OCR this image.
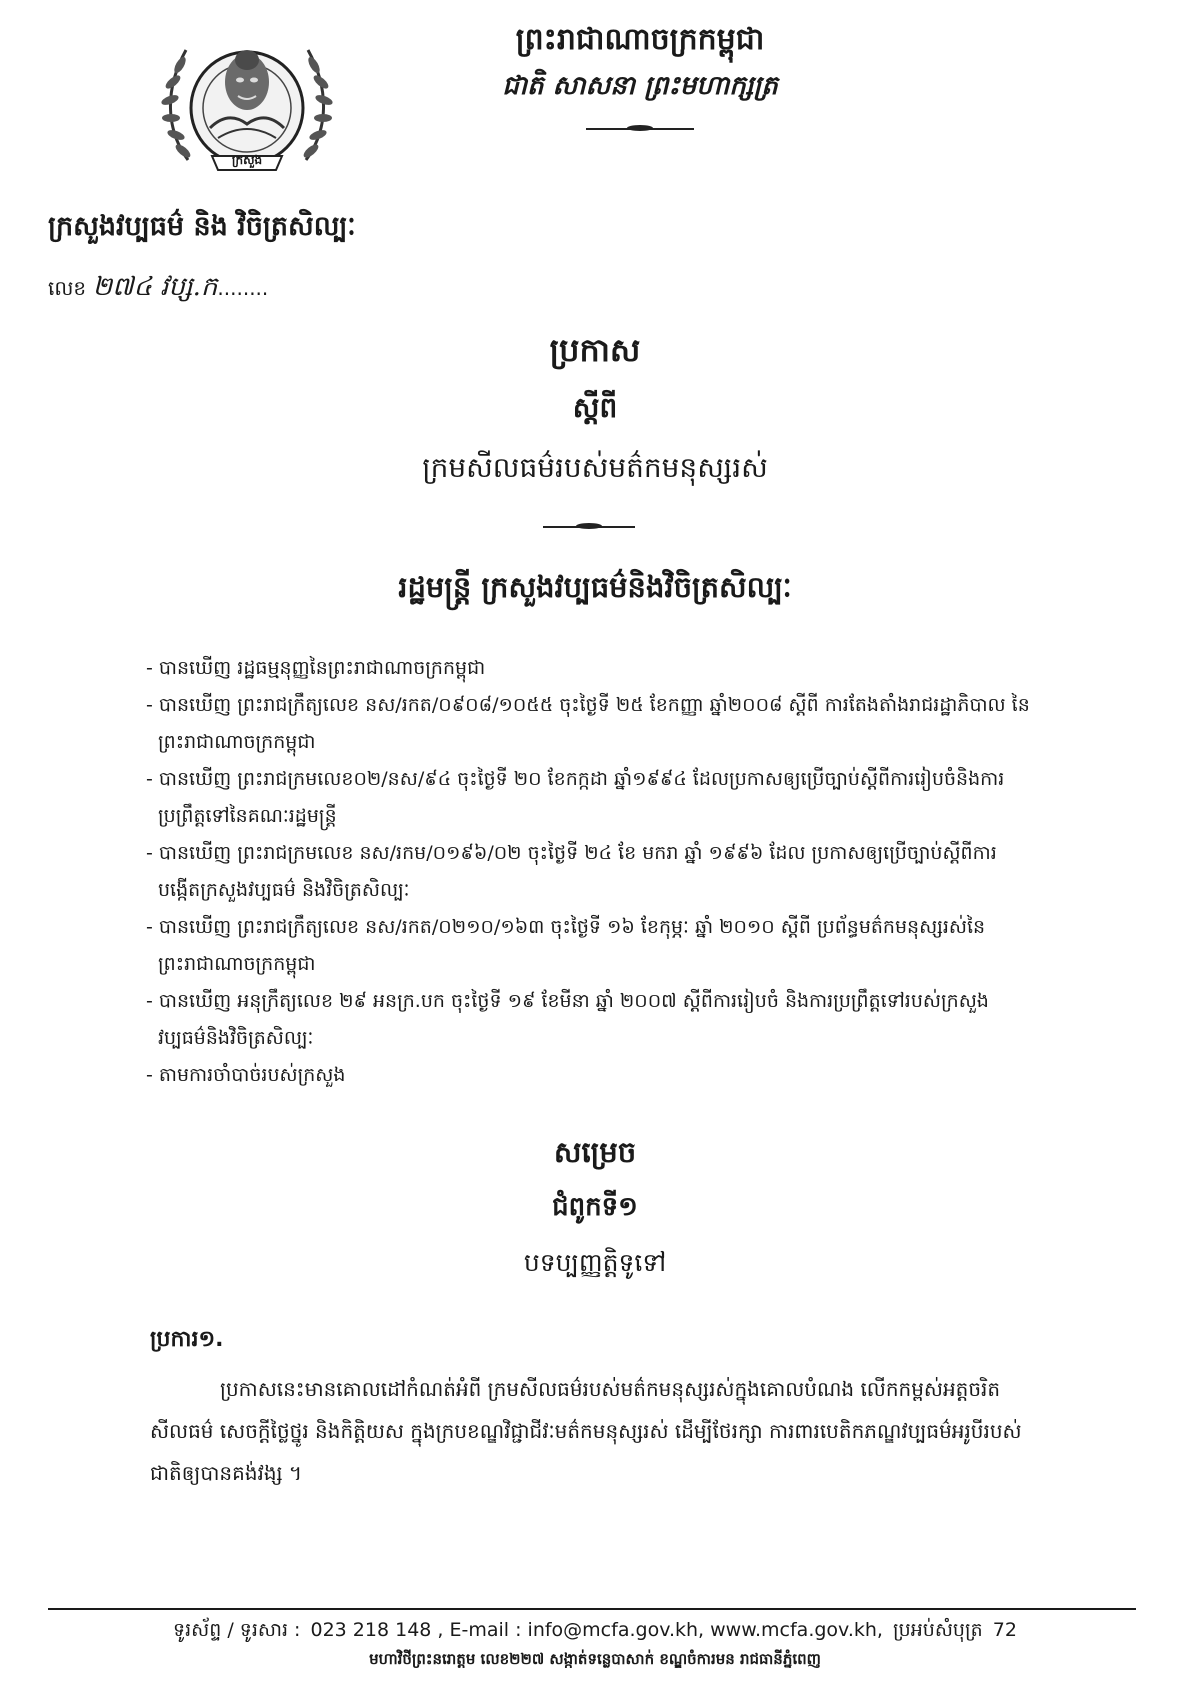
ក្រសួង
ព្រះរាជាណាចក្រកម្ពុជា
ជាតិ សាសនា ព្រះមហាក្សត្រ
ក្រសួងវប្បធម៌ និង វិចិត្រសិល្បៈ
លេខ ២៧៤ វប្ស.ក........
ប្រកាស
ស្តីពី
ក្រមសីលធម៌របស់មត៌កមនុស្សរស់
រដ្ឋមន្ត្រី ក្រសួងវប្បធម៌និងវិចិត្រសិល្បៈ
- បានឃើញ រដ្ឋធម្មនុញ្ញនៃព្រះរាជាណាចក្រកម្ពុជា
- បានឃើញ ព្រះរាជក្រឹត្យលេខ នស/រកត/០៩០៨/១០៥៥ ចុះថ្ងៃទី ២៥ ខែកញ្ញា ឆ្នាំ២០០៨ ស្តីពី ការតែងតាំងរាជរដ្ឋាភិបាល នៃព្រះរាជាណាចក្រកម្ពុជា
- បានឃើញ ព្រះរាជក្រមលេខ០២/នស/៩៤ ចុះថ្ងៃទី ២០ ខែកក្កដា ឆ្នាំ១៩៩៤ ដែលប្រកាសឲ្យប្រើច្បាប់ស្តីពីការរៀបចំនិងការប្រព្រឹត្តទៅនៃគណៈរដ្ឋមន្ត្រី
- បានឃើញ ព្រះរាជក្រមលេខ នស/រកម/០១៩៦/០២ ចុះថ្ងៃទី ២៤ ខែ មករា ឆ្នាំ ១៩៩៦ ដែល ប្រកាសឲ្យប្រើច្បាប់ស្តីពីការបង្កើតក្រសួងវប្បធម៌ និងវិចិត្រសិល្បៈ
- បានឃើញ ព្រះរាជក្រឹត្យលេខ នស/រកត/០២១០/១៦៣ ចុះថ្ងៃទី ១៦ ខែកុម្ភៈ ឆ្នាំ ២០១០ ស្តីពី ប្រព័ន្ធមត៌កមនុស្សរស់នៃព្រះរាជាណាចក្រកម្ពុជា
- បានឃើញ អនុក្រឹត្យលេខ ២៩ អនក្រ.បក ចុះថ្ងៃទី ១៩ ខែមីនា ឆ្នាំ ២០០៧ ស្តីពីការរៀបចំ និងការប្រព្រឹត្តទៅរបស់ក្រសួងវប្បធម៌និងវិចិត្រសិល្បៈ
- តាមការចាំបាច់របស់ក្រសួង
សម្រេច
ជំពូកទី១
បទប្បញ្ញត្តិទូទៅ
ប្រការ១.
ប្រកាសនេះមានគោលដៅកំណត់អំពី ក្រមសីលធម៌របស់មត៌កមនុស្សរស់ក្នុងគោលបំណង លើកកម្ពស់អត្តចរិត សីលធម៌ សេចក្តីថ្លៃថ្នូរ និងកិត្តិយស ក្នុងក្របខណ្ឌវិជ្ជាជីវៈមត៌កមនុស្សរស់ ដើម្បីថែរក្សា ការពារបេតិកភណ្ឌវប្បធម៌អរូបីរបស់ជាតិឲ្យបានគង់វង្ស ។
ទូរស័ព្ទ / ទូរសារ : 023 218 148 , E-mail : info@mcfa.gov.kh, www.mcfa.gov.kh, ប្រអប់សំបុត្រ 72
មហាវិថីព្រះនរោត្តម លេខ២២៧ សង្កាត់ទន្លេបាសាក់ ខណ្ឌចំការមន រាជធានីភ្នំពេញ
